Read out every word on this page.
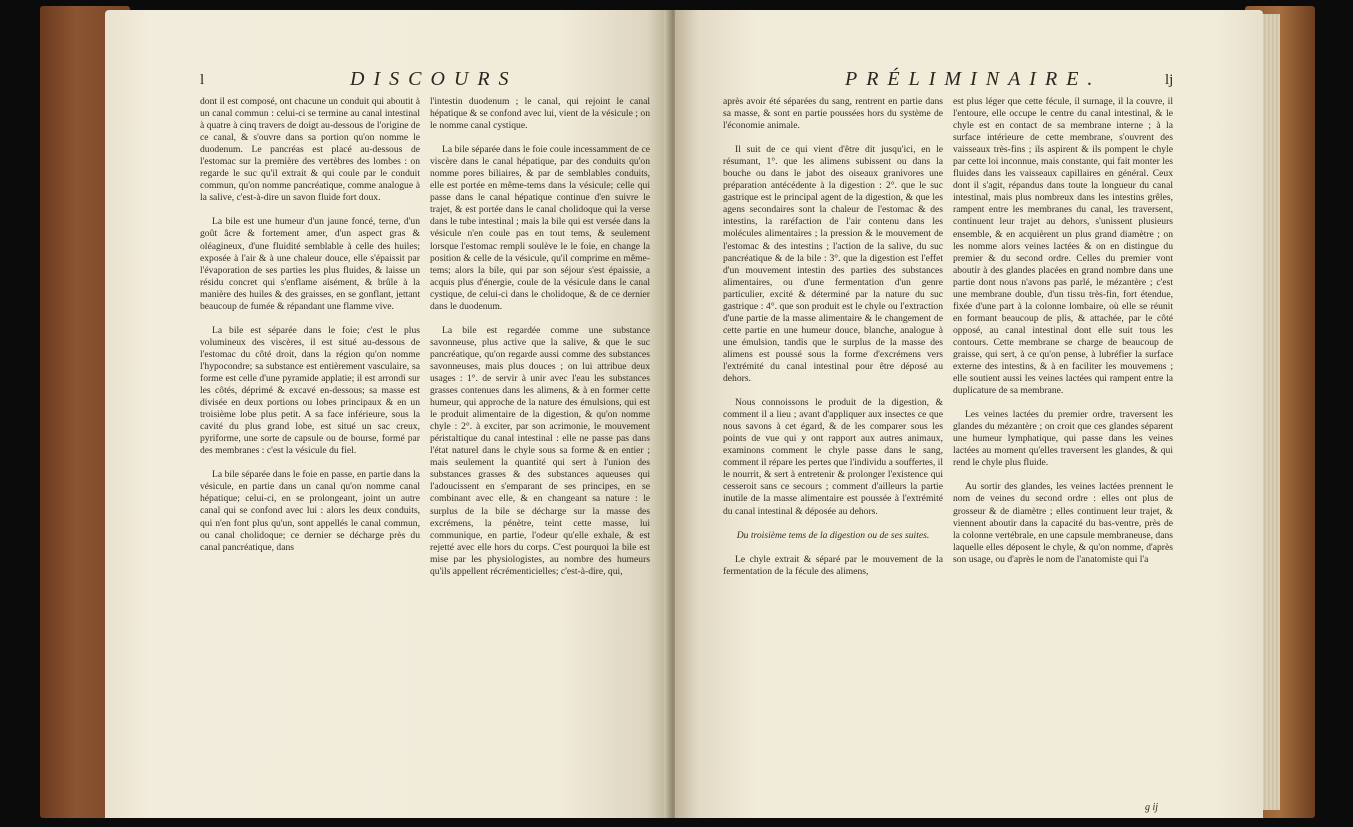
l	DISCOURS

dont il est composé, ont chacune un conduit qui aboutit à un canal commun : celui-ci se termine au canal intestinal à quatre à cinq travers de doigt au-dessous de l'origine de ce canal, & s'ouvre dans sa portion qu'on nomme le duodenum. Le pancréas est placé au-dessous de l'estomac sur la première des vertèbres des lombes : on regarde le suc qu'il extrait & qui coule par le conduit commun, qu'on nomme pancréatique, comme analogue à la salive, c'est-à-dire un savon fluide fort doux.

La bile est une humeur d'un jaune foncé, terne, d'un goût âcre & fortement amer, d'un aspect gras & oléagineux, d'une fluidité semblable à celle des huiles; exposée à l'air & à une chaleur douce, elle s'épaissit par l'évaporation de ses parties les plus fluides, & laisse un résidu concret qui s'enflame aisément, & brûle à la manière des huiles & des graisses, en se gonflant, jettant beaucoup de fumée & répandant une flamme vive.

La bile est séparée dans le foie; c'est le plus volumineux des viscères, il est situé au-dessous de l'estomac du côté droit, dans la région qu'on nomme l'hypocondre; sa substance est entièrement vasculaire, sa forme est celle d'une pyramide applatie; il est arrondi sur les côtés, déprimé & excavé en-dessous; sa masse est divisée en deux portions ou lobes principaux & en un troisième lobe plus petit. A sa face inférieure, sous la cavité du plus grand lobe, est situé un sac creux, pyriforme, une sorte de capsule ou de bourse, formé par des membranes : c'est la vésicule du fiel.

La bile séparée dans le foie en passe, en partie dans la vésicule, en partie dans un canal qu'on nomme canal hépatique; celui-ci, en se prolongeant, joint un autre canal qui se confond avec lui : alors les deux conduits, qui n'en font plus qu'un, sont appellés le canal commun, ou canal cholidoque; ce dernier se décharge près du canal pancréatique, dans

l'intestin duodenum ; le canal, qui rejoint le canal hépatique & se confond avec lui, vient de la vésicule ; on le nomme canal cystique.

La bile séparée dans le foie coule incessamment de ce viscère dans le canal hépatique, par des conduits qu'on nomme pores biliaires, & par de semblables conduits, elle est portée en même-tems dans la vésicule; celle qui passe dans le canal hépatique continue d'en suivre le trajet, & est portée dans le canal cholidoque qui la verse dans le tube intestinal ; mais la bile qui est versée dans la vésicule n'en coule pas en tout tems, & seulement lorsque l'estomac rempli soulève le le foie, en change la position & celle de la vésicule, qu'il comprime en même-tems; alors la bile, qui par son séjour s'est épaissie, a acquis plus d'énergie, coule de la vésicule dans le canal cystique, de celui-ci dans le cholidoque, & de ce dernier dans le duodenum.

La bile est regardée comme une substance savonneuse, plus active que la salive, & que le suc pancréatique, qu'on regarde aussi comme des substances savonneuses, mais plus douces ; on lui attribue deux usages : 1°. de servir à unir avec l'eau les substances grasses contenues dans les alimens, & à en former cette humeur, qui approche de la nature des émulsions, qui est le produit alimentaire de la digestion, & qu'on nomme chyle : 2°. à exciter, par son acrimonie, le mouvement péristaltique du canal intestinal : elle ne passe pas dans l'état naturel dans le chyle sous sa forme & en entier ; mais seulement la quantité qui sert à l'union des substances grasses & des substances aqueuses qui l'adoucissent en s'emparant de ses principes, en se combinant avec elle, & en changeant sa nature : le surplus de la bile se décharge sur la masse des excrémens, la pénètre, teint cette masse, lui communique, en partie, l'odeur qu'elle exhale, & est rejetté avec elle hors du corps. C'est pourquoi la bile est mise par les physiologistes, au nombre des humeurs qu'ils appellent récrémenticielles; c'est-à-dire, qui,

PRÉLIMINAIRE.	lj

après avoir été séparées du sang, rentrent en partie dans sa masse, & sont en partie poussées hors du système de l'économie animale.

Il suit de ce qui vient d'être dit jusqu'ici, en le résumant, 1°. que les alimens subissent ou dans la bouche ou dans le jabot des oiseaux granivores une préparation antécédente à la digestion : 2°. que le suc gastrique est le principal agent de la digestion, & que les agens secondaires sont la chaleur de l'estomac & des intestins, la raréfaction de l'air contenu dans les molécules alimentaires ; la pression & le mouvement de l'estomac & des intestins ; l'action de la salive, du suc pancréatique & de la bile : 3°. que la digestion est l'effet d'un mouvement intestin des parties des substances alimentaires, ou d'une fermentation d'un genre particulier, excité & déterminé par la nature du suc gastrique : 4°. que son produit est le chyle ou l'extraction d'une partie de la masse alimentaire & le changement de cette partie en une humeur douce, blanche, analogue à une émulsion, tandis que le surplus de la masse des alimens est poussé sous la forme d'excrémens vers l'extrémité du canal intestinal pour être déposé au dehors.

Nous connoissons le produit de la digestion, & comment il a lieu ; avant d'appliquer aux insectes ce que nous savons à cet égard, & de les comparer sous les points de vue qui y ont rapport aux autres animaux, examinons comment le chyle passe dans le sang, comment il répare les pertes que l'individu a souffertes, il le nourrit, & sert à entretenir & prolonger l'existence qui cesseroit sans ce secours ; comment d'ailleurs la partie inutile de la masse alimentaire est poussée à l'extrémité du canal intestinal & déposée au dehors.

Du troisième tems de la digestion ou de ses suites.

Le chyle extrait & séparé par le mouvement de la fermentation de la fécule des alimens,

est plus léger que cette fécule, il surnage, il la couvre, il l'entoure, elle occupe le centre du canal intestinal, & le chyle est en contact de sa membrane interne ; à la surface intérieure de cette membrane, s'ouvrent des vaisseaux très-fins ; ils aspirent & ils pompent le chyle par cette loi inconnue, mais constante, qui fait monter les fluides dans les vaisseaux capillaires en général. Ceux dont il s'agit, répandus dans toute la longueur du canal intestinal, mais plus nombreux dans les intestins grêles, rampent entre les membranes du canal, les traversent, continuent leur trajet au dehors, s'unissent plusieurs ensemble, & en acquièrent un plus grand diamètre ; on les nomme alors veines lactées & on en distingue du premier & du second ordre. Celles du premier vont aboutir à des glandes placées en grand nombre dans une partie dont nous n'avons pas parlé, le mézantère ; c'est une membrane double, d'un tissu très-fin, fort étendue, fixée d'une part à la colonne lombaire, où elle se réunit en formant beaucoup de plis, & attachée, par le côté opposé, au canal intestinal dont elle suit tous les contours. Cette membrane se charge de beaucoup de graisse, qui sert, à ce qu'on pense, à lubréfier la surface externe des intestins, & à en faciliter les mouvemens ; elle soutient aussi les veines lactées qui rampent entre la duplicature de sa membrane.

Les veines lactées du premier ordre, traversent les glandes du mézantère ; on croit que ces glandes séparent une humeur lymphatique, qui passe dans les veines lactées au moment qu'elles traversent les glandes, & qui rend le chyle plus fluide.

Au sortir des glandes, les veines lactées prennent le nom de veines du second ordre : elles ont plus de grosseur & de diamètre ; elles continuent leur trajet, & viennent aboutir dans la capacité du bas-ventre, près de la colonne vertébrale, en une capsule membraneuse, dans laquelle elles déposent le chyle, & qu'on nomme, d'après son usage, ou d'après le nom de l'anatomiste qui l'a

g ij
